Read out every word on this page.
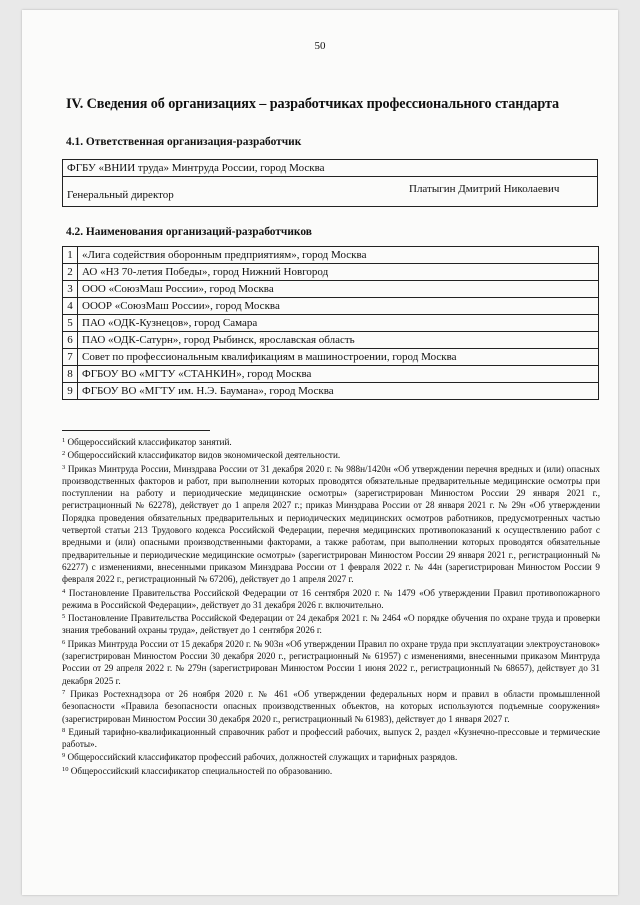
50
IV. Сведения об организациях – разработчиках профессионального стандарта
4.1. Ответственная организация-разработчик
ФГБУ «ВНИИ труда» Минтруда России, город Москва
Генеральный директор	Платыгин Дмитрий Николаевич
4.2. Наименования организаций-разработчиков
1	«Лига содействия оборонным предприятиям», город Москва
2	АО «НЗ 70-летия Победы», город Нижний Новгород
3	ООО «СоюзМаш России», город Москва
4	ОООР «СоюзМаш России», город Москва
5	ПАО «ОДК-Кузнецов», город Самара
6	ПАО «ОДК-Сатурн», город Рыбинск, ярославская область
7	Совет по профессиональным квалификациям в машиностроении, город Москва
8	ФГБОУ ВО «МГТУ «СТАНКИН», город Москва
9	ФГБОУ ВО «МГТУ им. Н.Э. Баумана», город Москва

$^1$ Общероссийский классификатор занятий.

$^2$ Общероссийский классификатор видов экономической деятельности.

$^3$ Приказ Минтруда России, Минздрава России от 31 декабря 2020 г. № 988н/1420н «Об утверждении перечня вредных и (или) опасных производственных факторов и работ, при выполнении которых проводятся обязательные предварительные медицинские осмотры при поступлении на работу и периодические медицинские осмотры» (зарегистрирован Минюстом России 29 января 2021 г., регистрационный № 62278), действует до 1 апреля 2027 г.; приказ Минздрава России от 28 января 2021 г. № 29н «Об утверждении Порядка проведения обязательных предварительных и периодических медицинских осмотров работников, предусмотренных частью четвертой статьи 213 Трудового кодекса Российской Федерации, перечня медицинских противопоказаний к осуществлению работ с вредными и (или) опасными производственными факторами, а также работам, при выполнении которых проводятся обязательные предварительные и периодические медицинские осмотры» (зарегистрирован Минюстом России 29 января 2021 г., регистрационный № 62277) с изменениями, внесенными приказом Минздрава России от 1 февраля 2022 г. № 44н (зарегистрирован Минюстом России 9 февраля 2022 г., регистрационный № 67206), действует до 1 апреля 2027 г.

$^4$ Постановление Правительства Российской Федерации от 16 сентября 2020 г. № 1479 «Об утверждении Правил противопожарного режима в Российской Федерации», действует до 31 декабря 2026 г. включительно.

$^5$ Постановление Правительства Российской Федерации от 24 декабря 2021 г. № 2464 «О порядке обучения по охране труда и проверки знания требований охраны труда», действует до 1 сентября 2026 г.

$^6$ Приказ Минтруда России от 15 декабря 2020 г. № 903н «Об утверждении Правил по охране труда при эксплуатации электроустановок» (зарегистрирован Минюстом России 30 декабря 2020 г., регистрационный № 61957) с изменениями, внесенными приказом Минтруда России от 29 апреля 2022 г. № 279н (зарегистрирован Минюстом России 1 июня 2022 г., регистрационный № 68657), действует до 31 декабря 2025 г.

$^7$ Приказ Ростехнадзора от 26 ноября 2020 г. № 461 «Об утверждении федеральных норм и правил в области промышленной безопасности «Правила безопасности опасных производственных объектов, на которых используются подъемные сооружения» (зарегистрирован Минюстом России 30 декабря 2020 г., регистрационный № 61983), действует до 1 января 2027 г.

$^8$ Единый тарифно-квалификационный справочник работ и профессий рабочих, выпуск 2, раздел «Кузнечно-прессовые и термические работы».

$^9$ Общероссийский классификатор профессий рабочих, должностей служащих и тарифных разрядов.

$^{10}$ Общероссийский классификатор специальностей по образованию.
